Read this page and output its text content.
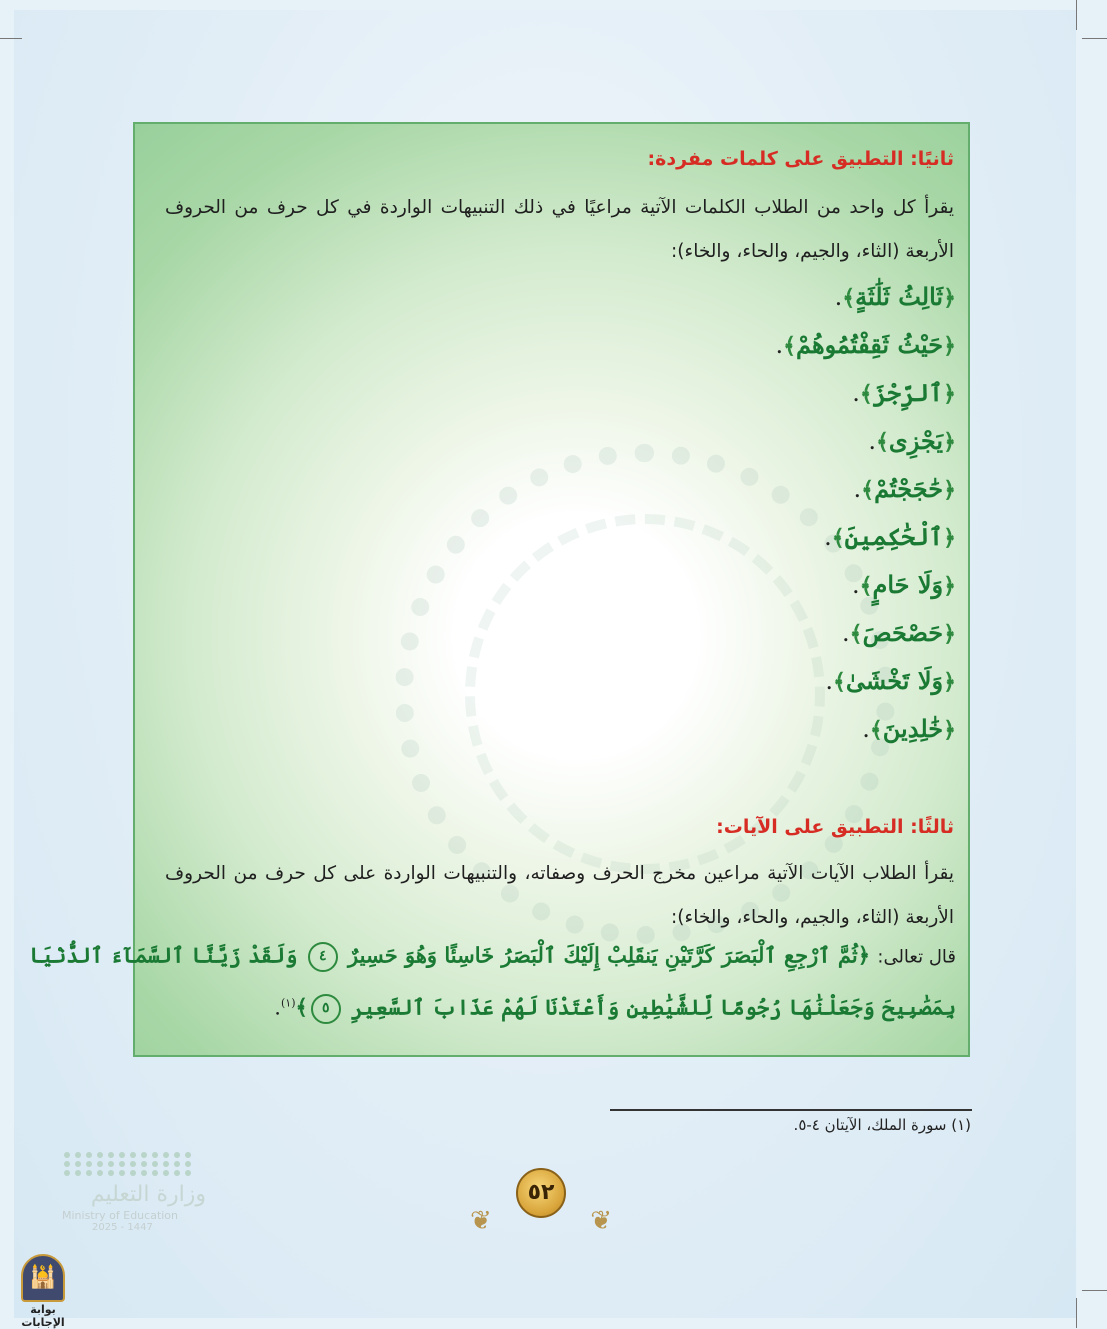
ثانيًا: التطبيق على كلمات مفردة:
يقرأ كل واحد من الطلاب الكلمات الآتية مراعيًا في ذلك التنبيهات الواردة في كل حرف من الحروف الأربعة (الثاء، والجيم، والحاء، والخاء):
﴿ثَالِثُ ثَلَٰثَةٍ﴾.
﴿حَيْثُ ثَقِفْتُمُوهُمْ﴾.
﴿ٱلرِّجْزَ﴾.
﴿يَجْزِى﴾.
﴿حَٰجَجْتُمْ﴾.
﴿ٱلْحَٰكِمِينَ﴾.
﴿وَلَا حَامٍ﴾.
﴿حَصْحَصَ﴾.
﴿وَلَا تَخْشَىٰ﴾.
﴿خَٰلِدِينَ﴾.
ثالثًا: التطبيق على الآيات:
يقرأ الطلاب الآيات الآتية مراعين مخرج الحرف وصفاته، والتنبيهات الواردة على كل حرف من الحروف الأربعة (الثاء، والجيم، والحاء، والخاء):
قال تعالى: ﴿ثُمَّ ٱرْجِعِ ٱلْبَصَرَ كَرَّتَيْنِ يَنقَلِبْ إِلَيْكَ ٱلْبَصَرُ خَاسِئًا وَهُوَ حَسِيرٌ ٤ وَلَقَدْ زَيَّنَّا ٱلسَّمَآءَ ٱلدُّنْيَا
بِمَصَٰبِيحَ وَجَعَلْنَٰهَا رُجُومًا لِّلشَّيَٰطِينِ وَأَعْتَدْنَا لَهُمْ عَذَابَ ٱلسَّعِيرِ ٥﴾$^{(١)}$.
(١) سورة الملك، الآيتان ٤-٥.
❦
٥٢
❦
وزارة التعليم
Ministry of Education
2025 - 1447
🕌
بوابة الإجابات
